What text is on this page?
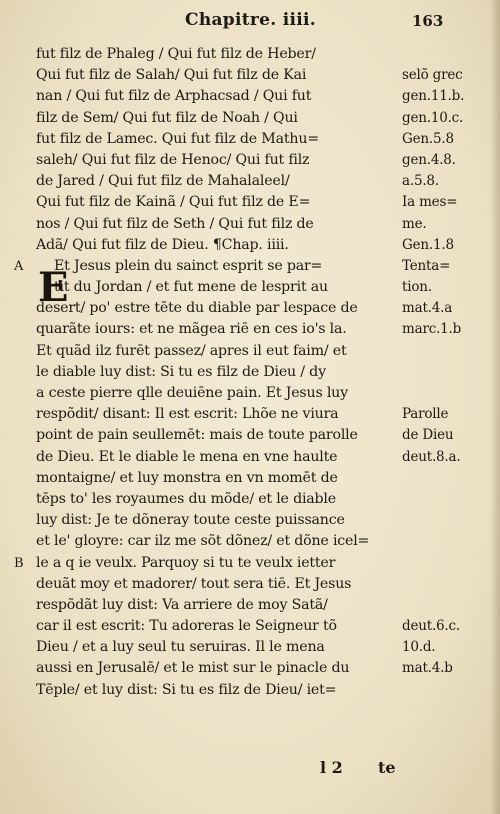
Chapitre. iiii.	163
fut filz de Phaleg / Qui fut filz de Heber/
Qui fut filz de Salah/ Qui fut filz de Kai	selõ grec
nan / Qui fut filz de Arphacsad / Qui fut	gen.11.b.
filz de Sem/ Qui fut filz de Noah / Qui	gen.10.c.
fut filz de Lamec. Qui fut filz de Mathu=	Gen.5.8
saleh/ Qui fut filz de Henoc/ Qui fut filz	gen.4.8.
de Jared / Qui fut filz de Mahalaleel/	a.5.8.
Qui fut filz de Kainã / Qui fut filz de E=	Ia mes=
nos / Qui fut filz de Seth / Qui fut filz de	me.
Adã/ Qui fut filz de Dieu. ¶Chap. iiii.	Gen.1.8
A Et Jesus plein du sainct esprit se par=	Tenta=
tit du Jordan / et fut mene de lesprit au	tion.
desert/ po' estre tēte du diable par lespace de	mat.4.a
quarãte iours: et ne mãgea riē en ces io's la.	marc.1.b
Et quãd ilz furēt passez/ apres il eut faim/ et
le diable luy dist: Si tu es filz de Dieu / dy
a ceste pierre qlle deuiēne pain. Et Jesus luy
respõdit/ disant: Il est escrit: Lhõe ne viura	Parolle
point de pain seullemēt: mais de toute parolle	de Dieu
de Dieu. Et le diable le mena en vne haulte	deut.8.a.
montaigne/ et luy monstra en vn momēt de
tēps to' les royaumes du mõde/ et le diable
luy dist: Je te dõneray toute ceste puissance
et le' gloyre: car ilz me sõt dõnez/ et dõne icel=
B le a q ie veulx. Parquoy si tu te veulx ietter
deuãt moy et madorer/ tout sera tiē. Et Jesus
respõdãt luy dist: Va arriere de moy Satã/
car il est escrit: Tu adoreras le Seigneur tõ	deut.6.c.
Dieu / et a luy seul tu seruiras. Il le mena	10.d.
aussi en Jerusalē/ et le mist sur le pinacle du	mat.4.b
Tēple/ et luy dist: Si tu es filz de Dieu/ iet=
E
l 2 te
